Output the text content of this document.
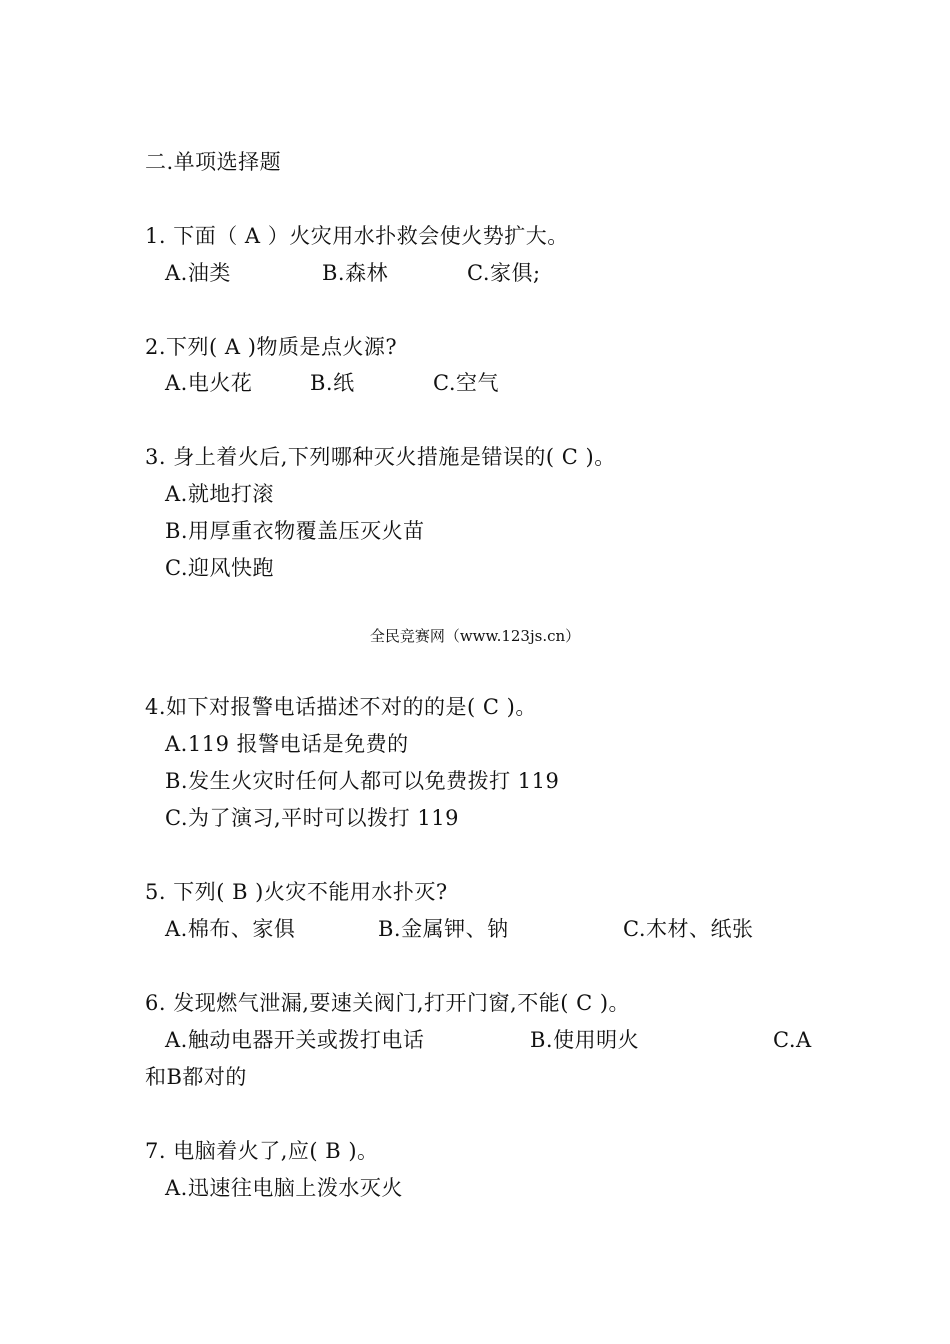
二.单项选择题
1. 下面（ A ）火灾用水扑救会使火势扩大。
A.油类	B.森林	C.家俱;
2.下列( A )物质是点火源?
A.电火花	B.纸	C.空气
3. 身上着火后,下列哪种灭火措施是错误的( C )。
A.就地打滚
B.用厚重衣物覆盖压灭火苗
C.迎风快跑
全民竞赛网（www.123js.cn）
4.如下对报警电话描述不对的的是( C )。
A.119 报警电话是免费的
B.发生火灾时任何人都可以免费拨打 119
C.为了演习,平时可以拨打 119
5. 下列( B )火灾不能用水扑灭?
A.棉布、家俱	B.金属钾、钠	C.木材、纸张
6. 发现燃气泄漏,要速关阀门,打开门窗,不能( C )。
A.触动电器开关或拨打电话	B.使用明火	C.A
和B都对的
7. 电脑着火了,应( B )。
A.迅速往电脑上泼水灭火
